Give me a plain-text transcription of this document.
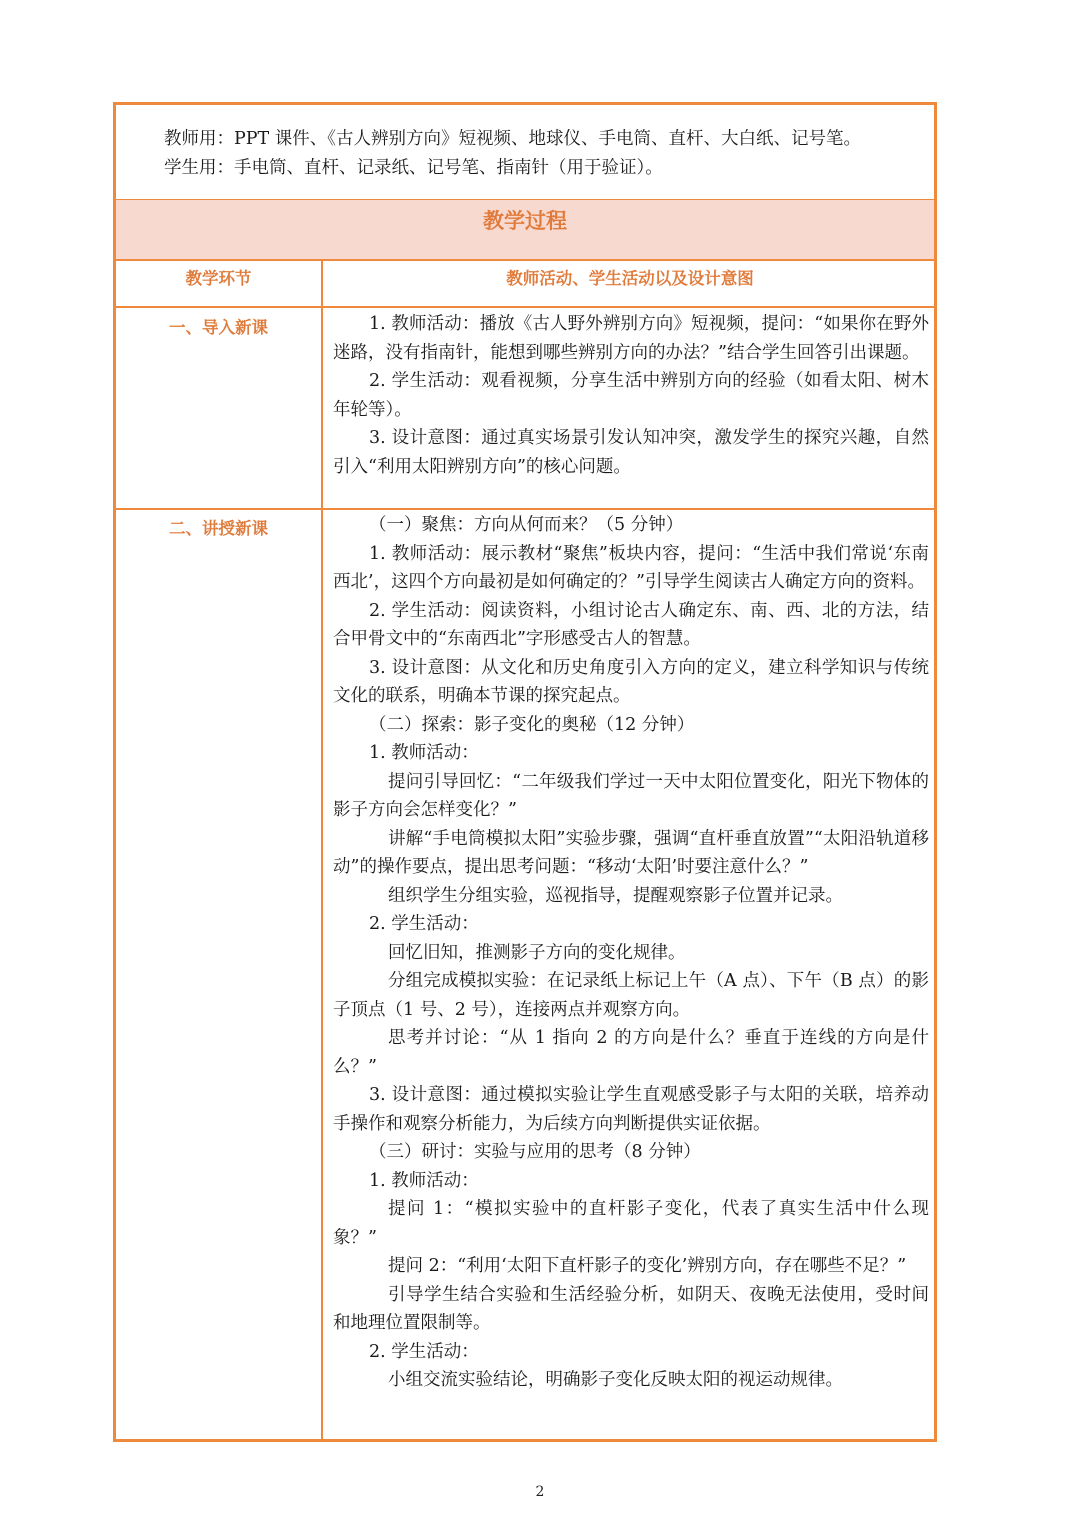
教师用：PPT 课件、《古人辨别方向》短视频、地球仪、手电筒、直杆、大白纸、记号笔。
学生用：手电筒、直杆、记录纸、记号笔、指南针（用于验证）。
教学过程
教学环节	教师活动、学生活动以及设计意图
一、导入新课	1. 教师活动：播放《古人野外辨别方向》短视频，提问：“如果你在野外迷路，没有指南针，能想到哪些辨别方向的办法？”结合学生回答引出课题。

2. 学生活动：观看视频，分享生活中辨别方向的经验（如看太阳、树木年轮等）。

3. 设计意图：通过真实场景引发认知冲突，激发学生的探究兴趣，自然引入“利用太阳辨别方向”的核心问题。

二、讲授新课	（一）聚焦：方向从何而来？（5 分钟）

1. 教师活动：展示教材“聚焦”板块内容，提问：“生活中我们常说‘东南西北’，这四个方向最初是如何确定的？”引导学生阅读古人确定方向的资料。

2. 学生活动：阅读资料，小组讨论古人确定东、南、西、北的方法，结合甲骨文中的“东南西北”字形感受古人的智慧。

3. 设计意图：从文化和历史角度引入方向的定义，建立科学知识与传统文化的联系，明确本节课的探究起点。

（二）探索：影子变化的奥秘（12 分钟）

1. 教师活动：

提问引导回忆：“二年级我们学过一天中太阳位置变化，阳光下物体的影子方向会怎样变化？”

讲解“手电筒模拟太阳”实验步骤，强调“直杆垂直放置”“太阳沿轨道移动”的操作要点，提出思考问题：“移动‘太阳’时要注意什么？”

组织学生分组实验，巡视指导，提醒观察影子位置并记录。

2. 学生活动：

回忆旧知，推测影子方向的变化规律。

分组完成模拟实验：在记录纸上标记上午（A 点）、下午（B 点）的影子顶点（1 号、2 号），连接两点并观察方向。

思考并讨论：“从 1 指向 2 的方向是什么？垂直于连线的方向是什么？”

3. 设计意图：通过模拟实验让学生直观感受影子与太阳的关联，培养动手操作和观察分析能力，为后续方向判断提供实证依据。

（三）研讨：实验与应用的思考（8 分钟）

1. 教师活动：

提问 1：“模拟实验中的直杆影子变化，代表了真实生活中什么现象？”

提问 2：“利用‘太阳下直杆影子的变化’辨别方向，存在哪些不足？”

引导学生结合实验和生活经验分析，如阴天、夜晚无法使用，受时间和地理位置限制等。

2. 学生活动：

小组交流实验结论，明确影子变化反映太阳的视运动规律。

2
